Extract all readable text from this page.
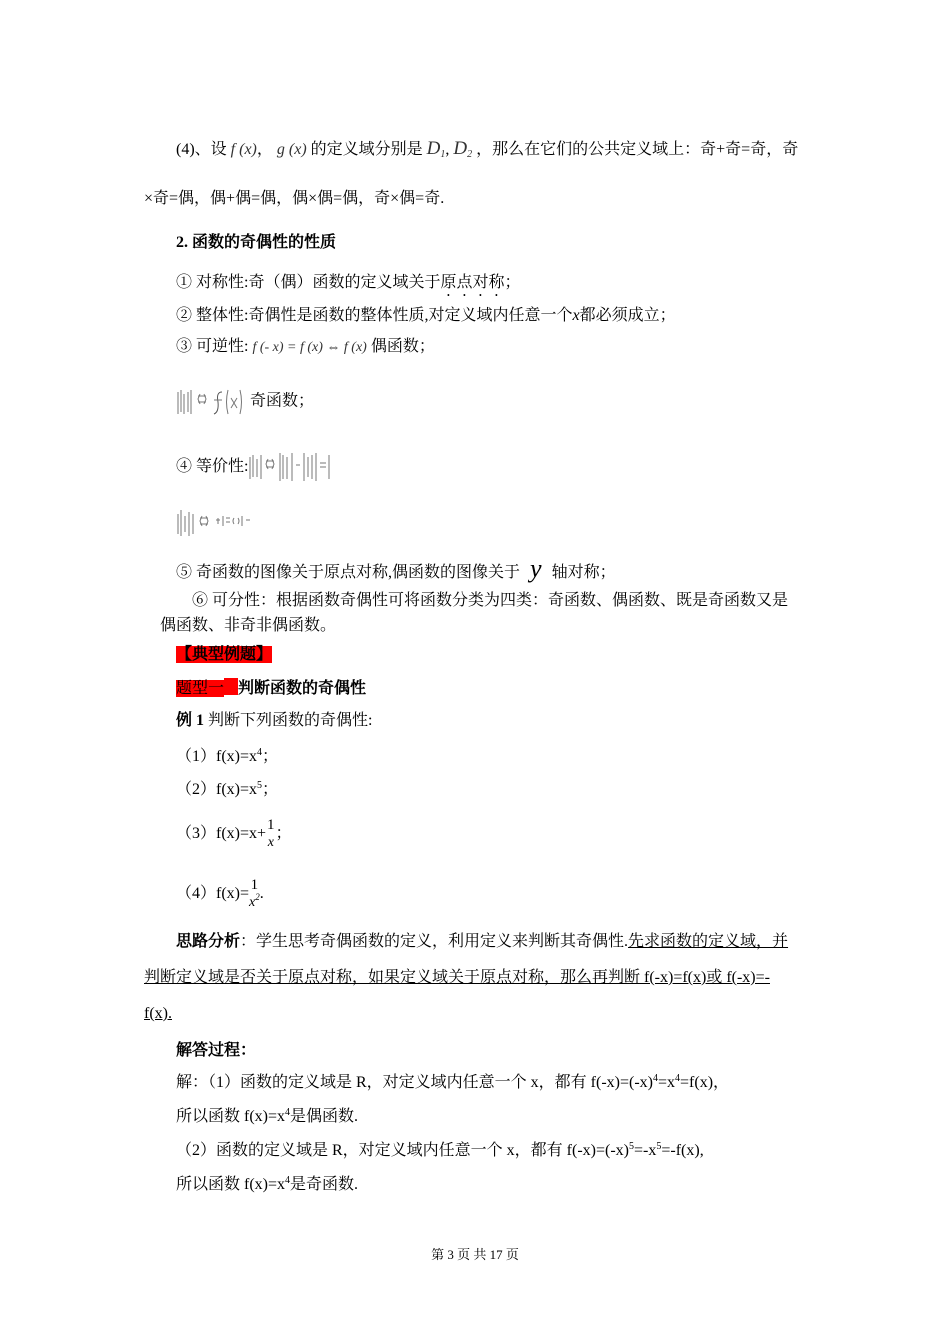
(4)、设 f (x)， g (x) 的定义域分别是 $D_1$, $D_2$ ，那么在它们的公共定义域上：奇+奇=奇，奇
×奇=偶，偶+偶=偶，偶×偶=偶，奇×偶=奇.
2. 函数的奇偶性的性质
① 对称性:奇（偶）函数的定义域关于原点对称；
② 整体性:奇偶性是函数的整体性质,对定义域内任意一个x都必须成立；
③ 可逆性: f (- x) = f (x) ⇔ f (x) 偶函数；
奇函数；
④ 等价性:
⑤ 奇函数的图像关于原点对称,偶函数的图像关于 y 轴对称；
⑥ 可分性：根据函数奇偶性可将函数分类为四类：奇函数、偶函数、既是奇函数又是
偶函数、非奇非偶函数。
【典型例题】
题型一 判断函数的奇偶性
例 1 判断下列函数的奇偶性:
$(1)f(x)=x^4$；
$(2)f(x)=x^5$；
（3）f(x)=x+ 1
x
；
（4）f(x)= 1
$x^2$ .
思路分析：学生思考奇偶函数的定义，利用定义来判断其奇偶性.先求函数的定义域，并
判断定义域是否关于原点对称，如果定义域关于原点对称，那么再判断 f(-x)=f(x)或 f(-x)=-
f(x).
解答过程：
解：（1）函数的定义域是 R，对定义域内任意一个 x，都有 $f(-x)=(-x)^4=x^4=f(x)$，
所以函数 $f(x)=x^4$是偶函数.
（2）函数的定义域是 R，对定义域内任意一个 x，都有 $f(-x)=(-x)^5=-x^5=-f(x)$,
所以函数 $f(x)=x^4$是奇函数.
第 3 页 共 17 页
